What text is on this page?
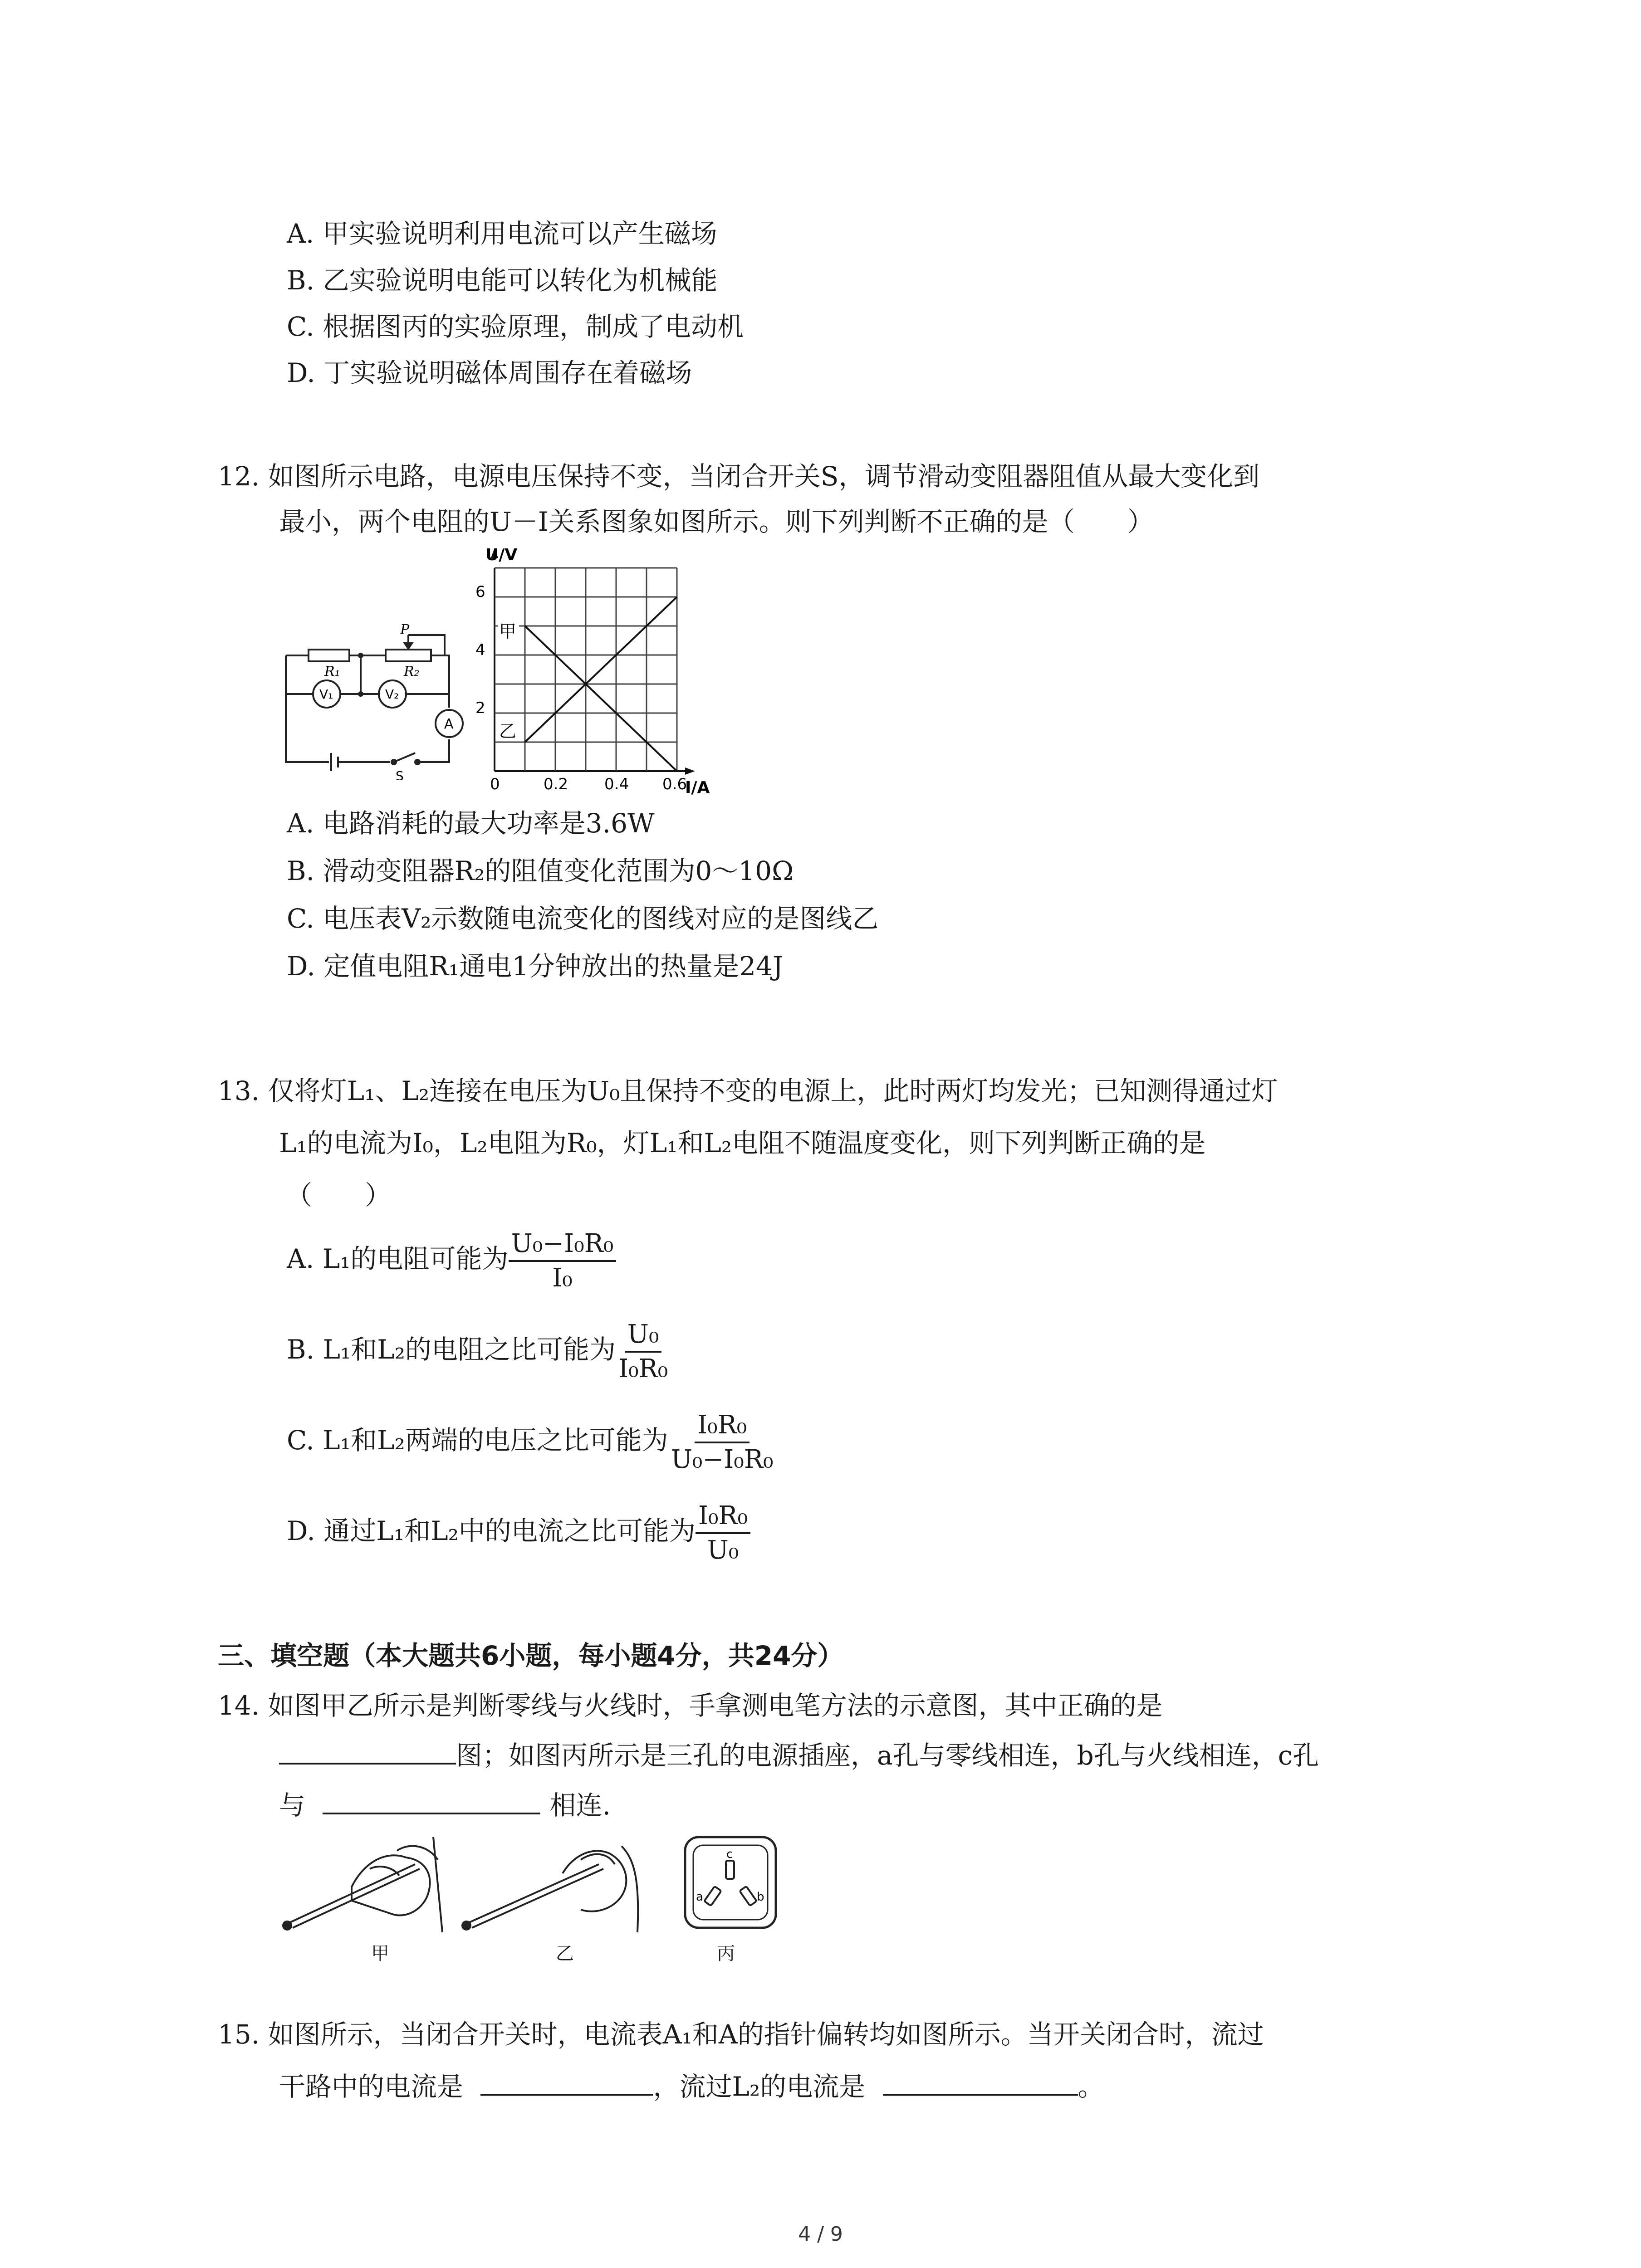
A. 甲实验说明利用电流可以产生磁场
B. 乙实验说明电能可以转化为机械能
C. 根据图丙的实验原理，制成了电动机
D. 丁实验说明磁体周围存在着磁场
12. 如图所示电路，电源电压保持不变，当闭合开关S，调节滑动变阻器阻值从最大变化到
最小，两个电阻的U－I关系图象如图所示。则下列判断不正确的是（　　）
R₁	R₂
P
V₁	V₂
A
S
U/V
I/A
6
4
2
0	0.2 0.4 0.6
甲
乙
A. 电路消耗的最大功率是3.6W
B. 滑动变阻器R₂的阻值变化范围为0～10Ω
C. 电压表V₂示数随电流变化的图线对应的是图线乙
D. 定值电阻R₁通电1分钟放出的热量是24J
13. 仅将灯L₁、L₂连接在电压为U₀且保持不变的电源上，此时两灯均发光；已知测得通过灯
L₁的电流为I₀，L₂电阻为R₀，灯L₁和L₂电阻不随温度变化，则下列判断正确的是
（　　）
A. L₁的电阻可能为 $\frac{\text{U₀−I₀R₀}}{\text{I₀}}$
B. L₁和L₂的电阻之比可能为 $\frac{\text{U₀}}{\text{I₀R₀}}$
C. L₁和L₂两端的电压之比可能为 $\frac{\text{I₀R₀}}{\text{U₀−I₀R₀}}$
D. 通过L₁和L₂中的电流之比可能为 $\frac{\text{I₀R₀}}{\text{U₀}}$
三、填空题（本大题共6小题，每小题4分，共24分）
14. 如图甲乙所示是判断零线与火线时，手拿测电笔方法的示意图，其中正确的是
图；如图丙所示是三孔的电源插座，a孔与零线相连，b孔与火线相连，c孔
与	相连.
c
a	b
甲	乙	丙
15. 如图所示，当闭合开关时，电流表A₁和A的指针偏转均如图所示。当开关闭合时，流过
干路中的电流是	，流过L₂的电流是	。
4 / 9
